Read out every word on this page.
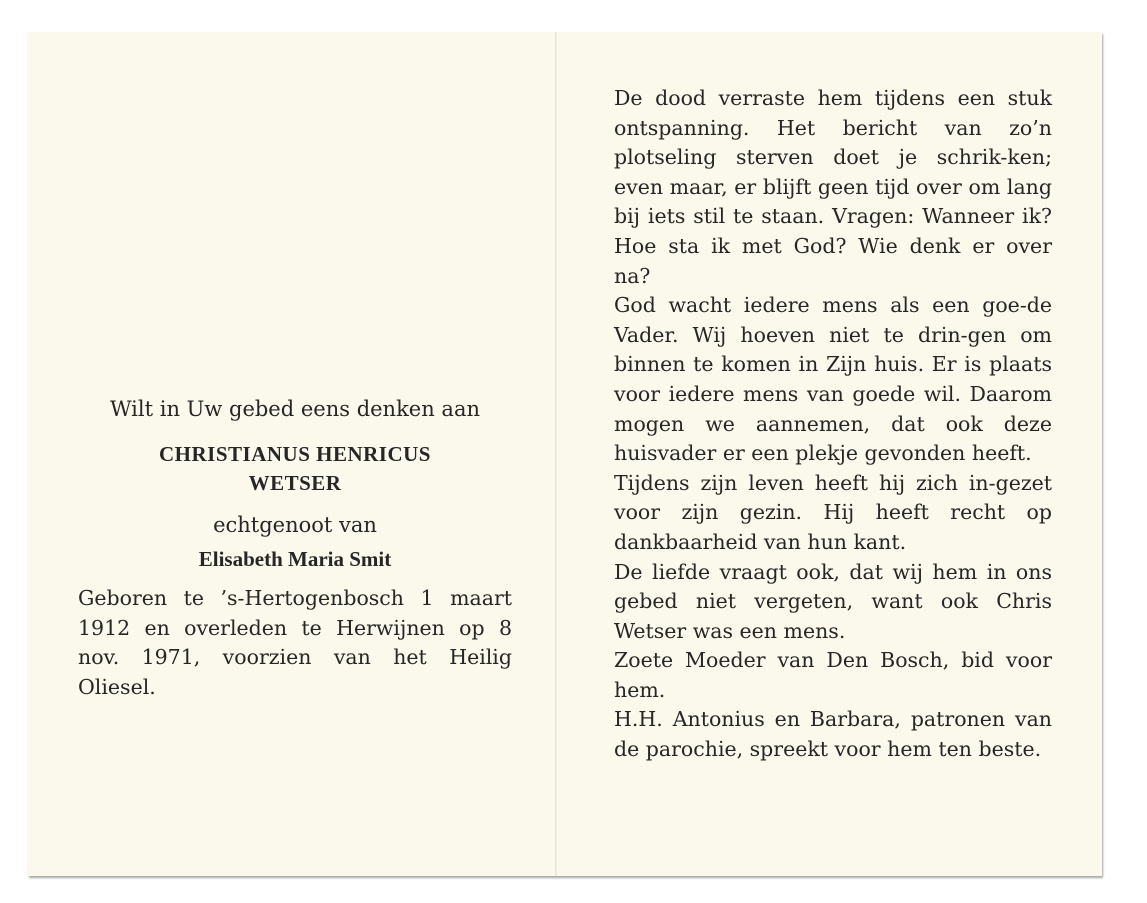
Wilt in Uw gebed eens denken aan

CHRISTIANUS HENRICUS
WETSER

echtgenoot van

Elisabeth Maria Smit

Geboren te ’s-Hertogenbosch 1 maart 1912 en overleden te Herwijnen op 8 nov. 1971, voorzien van het Heilig Oliesel.

De dood verraste hem tijdens een stuk ontspanning. Het bericht van zo’n plotseling sterven doet je schrik-ken; even maar, er blijft geen tijd over om lang bij iets stil te staan. Vragen: Wanneer ik? Hoe sta ik met God? Wie denk er over na?

God wacht iedere mens als een goe-de Vader. Wij hoeven niet te drin-gen om binnen te komen in Zijn huis. Er is plaats voor iedere mens van goede wil. Daarom mogen we aannemen, dat ook deze huisvader er een plekje gevonden heeft.

Tijdens zijn leven heeft hij zich in-gezet voor zijn gezin. Hij heeft recht op dankbaarheid van hun kant.

De liefde vraagt ook, dat wij hem in ons gebed niet vergeten, want ook Chris Wetser was een mens.

Zoete Moeder van Den Bosch, bid voor hem.

H.H. Antonius en Barbara, patronen van de parochie, spreekt voor hem ten beste.
